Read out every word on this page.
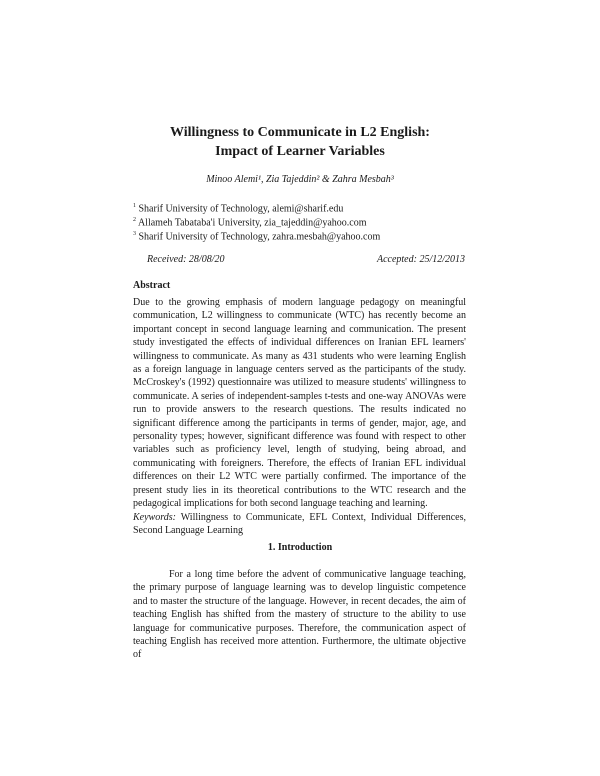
Willingness to Communicate in L2 English:
Impact of Learner Variables
Minoo Alemi¹, Zia Tajeddin² & Zahra Mesbah³
$^1$ Sharif University of Technology, alemi@sharif.edu
$^2$ Allameh Tabataba'i University, zia_tajeddin@yahoo.com
$^3$ Sharif University of Technology, zahra.mesbah@yahoo.com
Received: 28/08/20	Accepted: 25/12/2013
Abstract
Due to the growing emphasis of modern language pedagogy on meaningful communication, L2 willingness to communicate (WTC) has recently become an important concept in second language learning and communication. The present study investigated the effects of individual differences on Iranian EFL learners' willingness to communicate. As many as 431 students who were learning English as a foreign language in language centers served as the participants of the study. McCroskey's (1992) questionnaire was utilized to measure students' willingness to communicate. A series of independent-samples t-tests and one-way ANOVAs were run to provide answers to the research questions. The results indicated no significant difference among the participants in terms of gender, major, age, and personality types; however, significant difference was found with respect to other variables such as proficiency level, length of studying, being abroad, and communicating with foreigners. Therefore, the effects of Iranian EFL individual differences on their L2 WTC were partially confirmed. The importance of the present study lies in its theoretical contributions to the WTC research and the pedagogical implications for both second language teaching and learning.
Keywords: Willingness to Communicate, EFL Context, Individual Differences, Second Language Learning
1. Introduction
For a long time before the advent of communicative language teaching, the primary purpose of language learning was to develop linguistic competence and to master the structure of the language. However, in recent decades, the aim of teaching English has shifted from the mastery of structure to the ability to use language for communicative purposes. Therefore, the communication aspect of teaching English has received more attention. Furthermore, the ultimate objective of
